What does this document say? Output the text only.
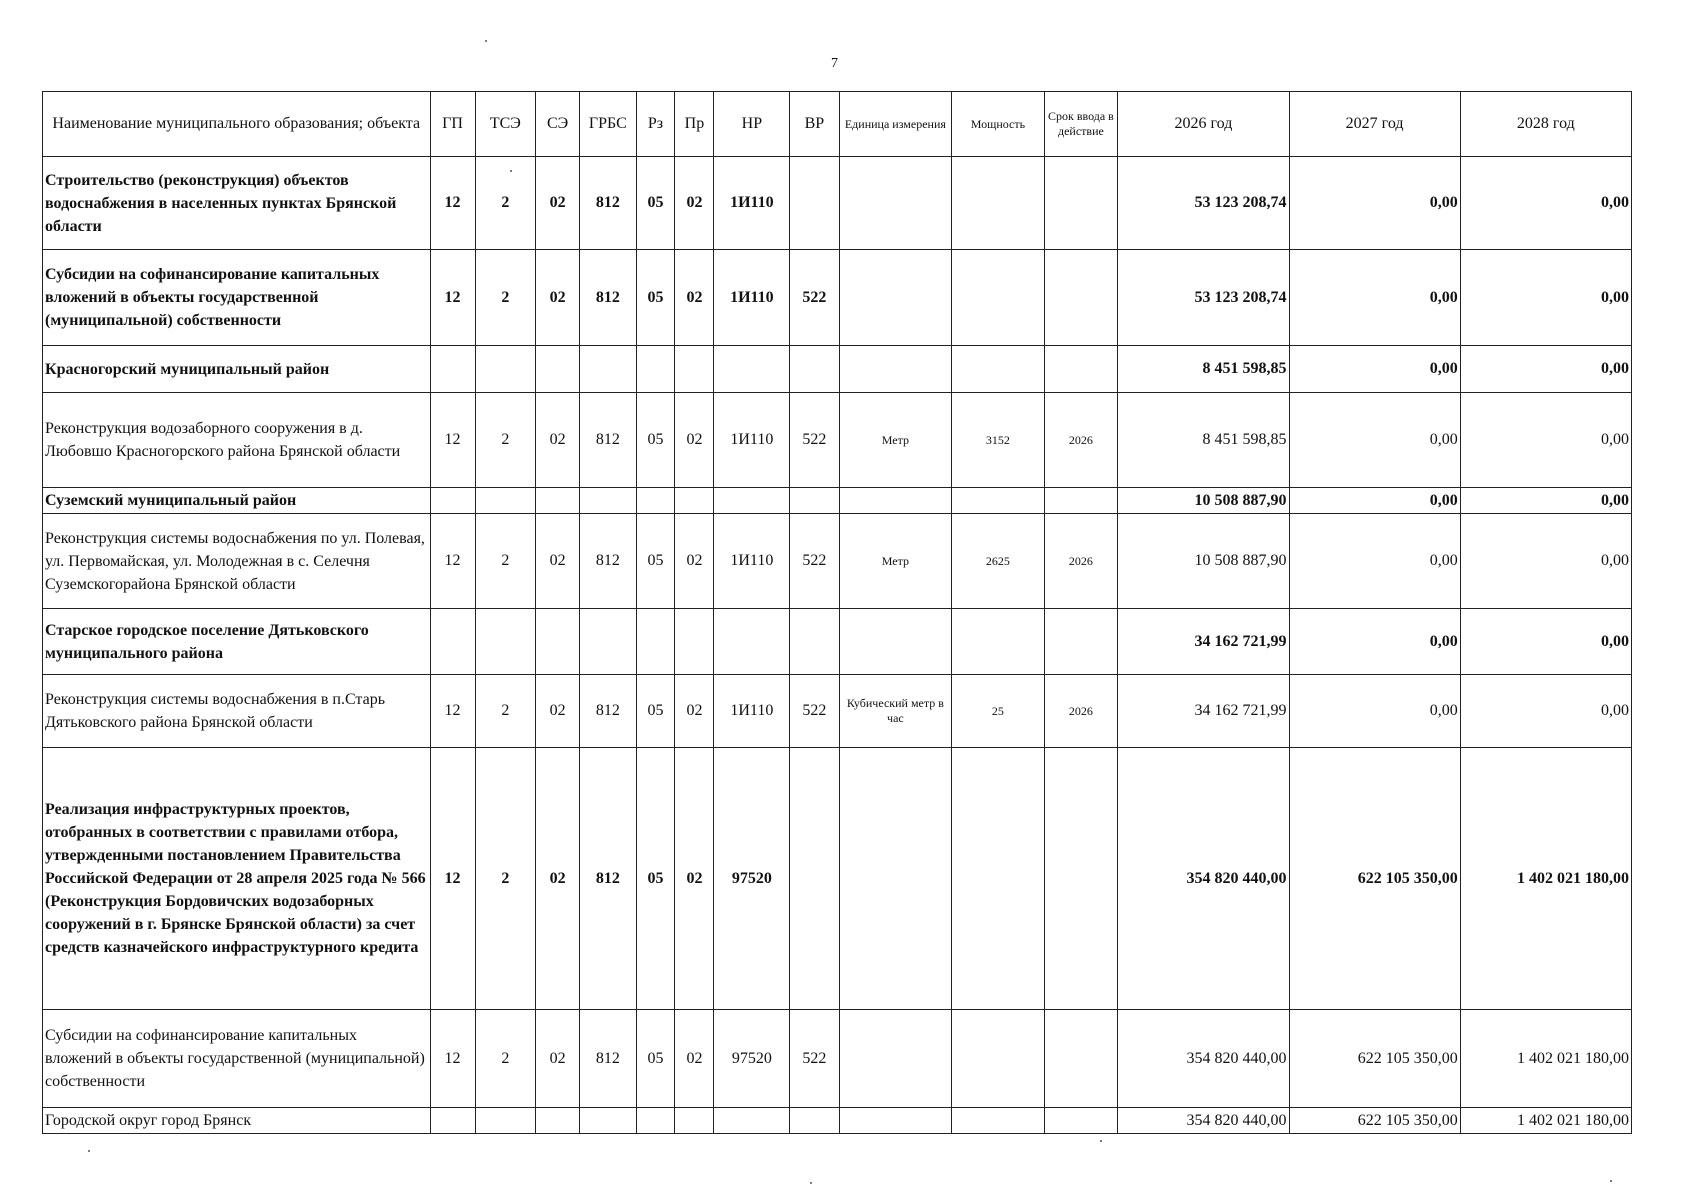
7
Наименование муниципального образования; объекта	ГП	ТСЭ	СЭ	ГРБС	Рз	Пр	НР	ВР	Единица измерения	Мощность	Срок ввода в действие	2026 год	2027 год	2028 год
Строительство (реконструкция) объектов водоснабжения в населенных пунктах Брянской области	12	2	02	812	05	02	1И110					53 123 208,74	0,00	0,00
Субсидии на софинансирование капитальных вложений в объекты государственной (муниципальной) собственности	12	2	02	812	05	02	1И110	522				53 123 208,74	0,00	0,00
Красногорский муниципальный район												8 451 598,85	0,00	0,00
Реконструкция водозаборного сооружения в д. Любовшо Красногорского района Брянской области	12	2	02	812	05	02	1И110	522	Метр	3152	2026	8 451 598,85	0,00	0,00
Суземский муниципальный район												10 508 887,90	0,00	0,00
Реконструкция системы водоснабжения по ул. Полевая, ул. Первомайская, ул. Молодежная в с. Селечня Суземскогорайона Брянской области	12	2	02	812	05	02	1И110	522	Метр	2625	2026	10 508 887,90	0,00	0,00
Старское городское поселение Дятьковского муниципального района												34 162 721,99	0,00	0,00
Реконструкция системы водоснабжения в п.Старь Дятьковского района Брянской области	12	2	02	812	05	02	1И110	522	Кубический метр в час	25	2026	34 162 721,99	0,00	0,00
Реализация инфраструктурных проектов, отобранных в соответствии с правилами отбора, утвержденными постановлением Правительства Российской Федерации от 28 апреля 2025 года № 566 (Реконструкция Бордовичских водозаборных сооружений в г. Брянске Брянской области) за счет средств казначейского инфраструктурного кредита	12	2	02	812	05	02	97520					354 820 440,00	622 105 350,00	1 402 021 180,00
Субсидии на софинансирование капитальных вложений в объекты государственной (муниципальной) собственности	12	2	02	812	05	02	97520	522				354 820 440,00	622 105 350,00	1 402 021 180,00
Городской округ город Брянск												354 820 440,00	622 105 350,00	1 402 021 180,00
